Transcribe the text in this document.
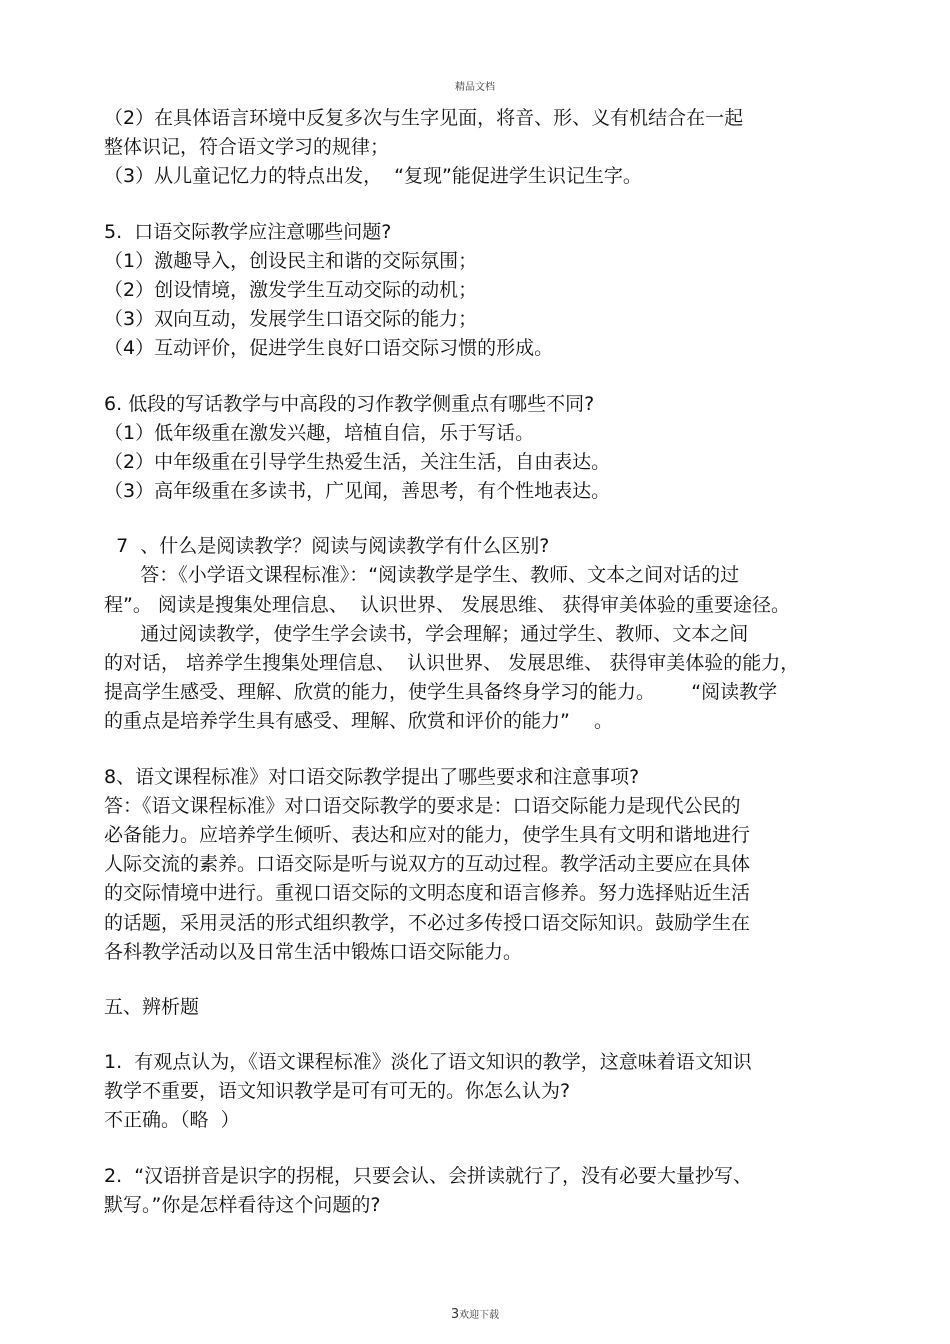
精品文档
（2）在具体语言环境中反复多次与生字见面，将音、形、义有机结合在一起
整体识记，符合语文学习的规律；
（3）从儿童记忆力的特点出发，  “复现”能促进学生识记生字。
5.  口语交际教学应注意哪些问题?
（1）激趣导入，创设民主和谐的交际氛围；
（2）创设情境，激发学生互动交际的动机；
（3）双向互动，发展学生口语交际的能力；
（4）互动评价，促进学生良好口语交际习惯的形成。
6. 低段的写话教学与中高段的习作教学侧重点有哪些不同?
（1）低年级重在激发兴趣，培植自信，乐于写话。
（2）中年级重在引导学生热爱生活，关注生活，自由表达。
（3）高年级重在多读书，广见闻，善思考，有个性地表达。
7  、什么是阅读教学？阅读与阅读教学有什么区别?
答：《小学语文课程标准》：“阅读教学是学生、教师、文本之间对话的过
程”。 阅读是搜集处理信息、  认识世界、 发展思维、 获得审美体验的重要途径。
通过阅读教学，使学生学会读书，学会理解；通过学生、教师、文本之间
的对话， 培养学生搜集处理信息、  认识世界、 发展思维、 获得审美体验的能力，
提高学生感受、理解、欣赏的能力，使学生具备终身学习的能力。      “阅读教学
的重点是培养学生具有感受、理解、欣赏和评价的能力”    。
8、语文课程标准》对口语交际教学提出了哪些要求和注意事项?
答：《语文课程标准》对口语交际教学的要求是：口语交际能力是现代公民的
必备能力。应培养学生倾听、表达和应对的能力，使学生具有文明和谐地进行
人际交流的素养。口语交际是听与说双方的互动过程。教学活动主要应在具体
的交际情境中进行。重视口语交际的文明态度和语言修养。努力选择贴近生活
的话题，采用灵活的形式组织教学，不必过多传授口语交际知识。鼓励学生在
各科教学活动以及日常生活中锻炼口语交际能力。
五、辨析题
1.  有观点认为，《语文课程标准》淡化了语文知识的教学，这意味着语文知识
教学不重要，语文知识教学是可有可无的。你怎么认为?
不正确。（略  ）
2.  “汉语拼音是识字的拐棍，只要会认、会拼读就行了，没有必要大量抄写、
默写。”你是怎样看待这个问题的?
3欢迎下载
